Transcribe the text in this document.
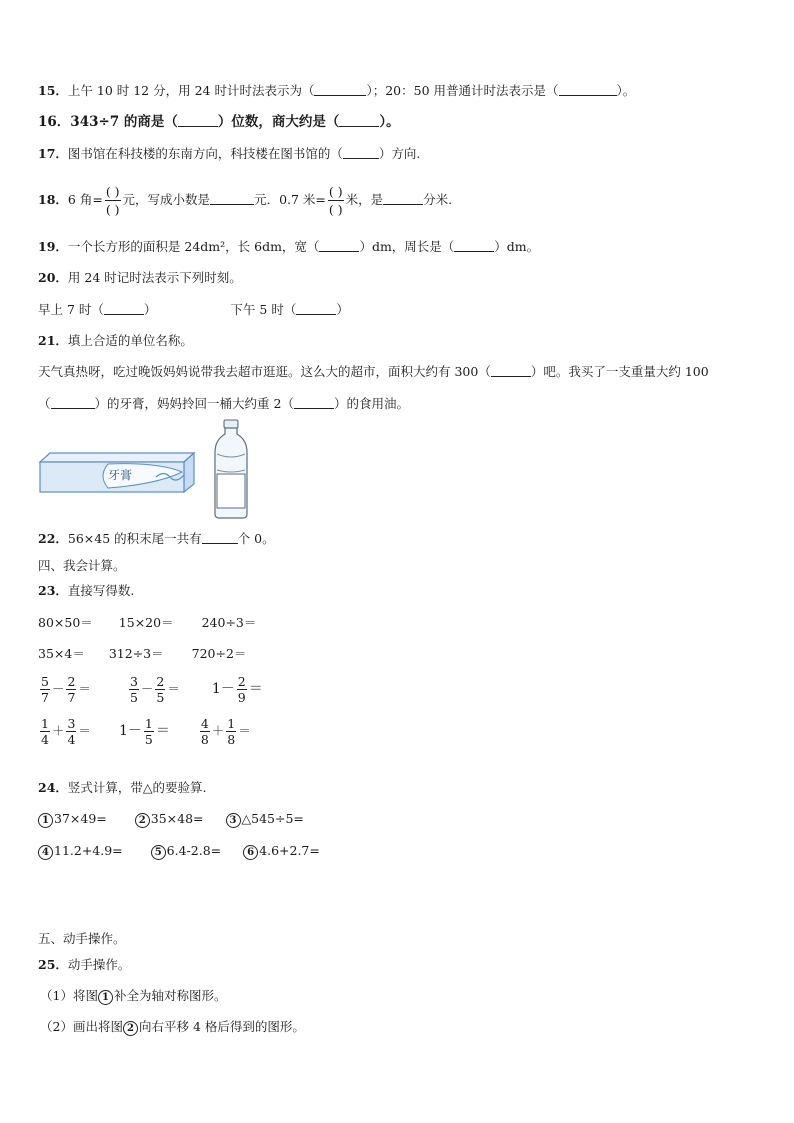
15．上午 10 时 12 分，用 24 时计时法表示为（	）；20：50 用普通计时法表示是（	）。
16．343÷7 的商是（	）位数，商大约是（	）。
17．图书馆在科技楼的东南方向，科技楼在图书馆的（	）方向.
18．6 角= $\frac{( )}{( )}$ 元，写成小数是	元．0.7 米= $\frac{( )}{( )}$ 米，是	分米.
19．一个长方形的面积是 24dm²，长 6dm，宽（	）dm，周长是（	）dm。
20．用 24 时记时法表示下列时刻。
早上 7 时（	）	下午 5 时（	）
21．填上合适的单位名称。
天气真热呀，吃过晚饭妈妈说带我去超市逛逛。这么大的超市，面积大约有 300（	）吧。我买了一支重量大约 100
（	）的牙膏，妈妈拎回一桶大约重 2（	）的食用油。
牙膏
22．56×45 的积末尾一共有	个 0。
四、我会计算。
23．直接写得数.
80×50＝ 15×20＝ 240÷3＝
35×4＝ 312÷3＝ 720÷2＝
$\frac{5}{7} - \frac{2}{7}$ ＝	$\frac{3}{5} - \frac{2}{5} = 1- \frac{2}{9}$ ＝
$\frac{1}{4} + \frac{3}{4} = 1- \frac{1}{5} = \frac{4}{8} + \frac{1}{8}$ ＝
24．竖式计算，带△的要验算.
1 37×49=	2 35×48=	3 △545÷5=
4 11.2+4.9=	5 6.4-2.8=	6 4.6+2.7=
五、动手操作。
25．动手操作。
（1）将图 1 补全为轴对称图形。
（2）画出将图 2 向右平移 4 格后得到的图形。
